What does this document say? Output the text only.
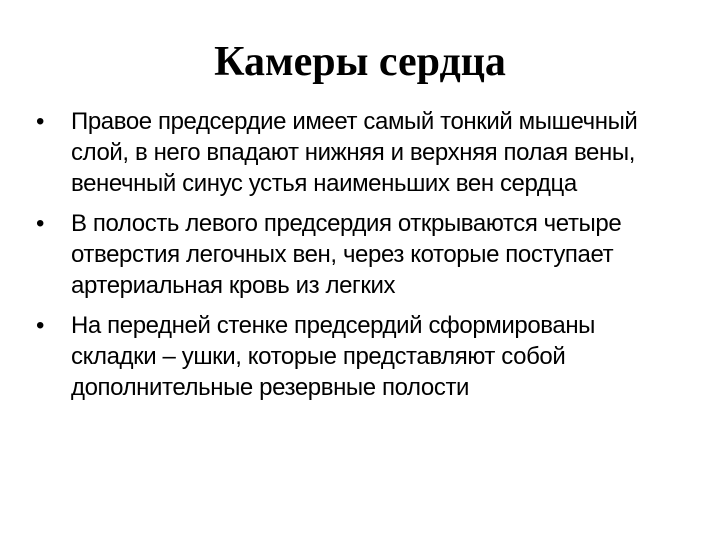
Камеры сердца
•	Правое предсердие имеет самый тонкий мышечный слой, в него впадают нижняя и верхняя полая вены, венечный синус устья наименьших вен сердца
•	В полость левого предсердия открываются четыре отверстия легочных вен, через которые поступает артериальная кровь из легких
•	На передней стенке предсердий сформированы складки – ушки, которые представляют собой дополнительные резервные полости
